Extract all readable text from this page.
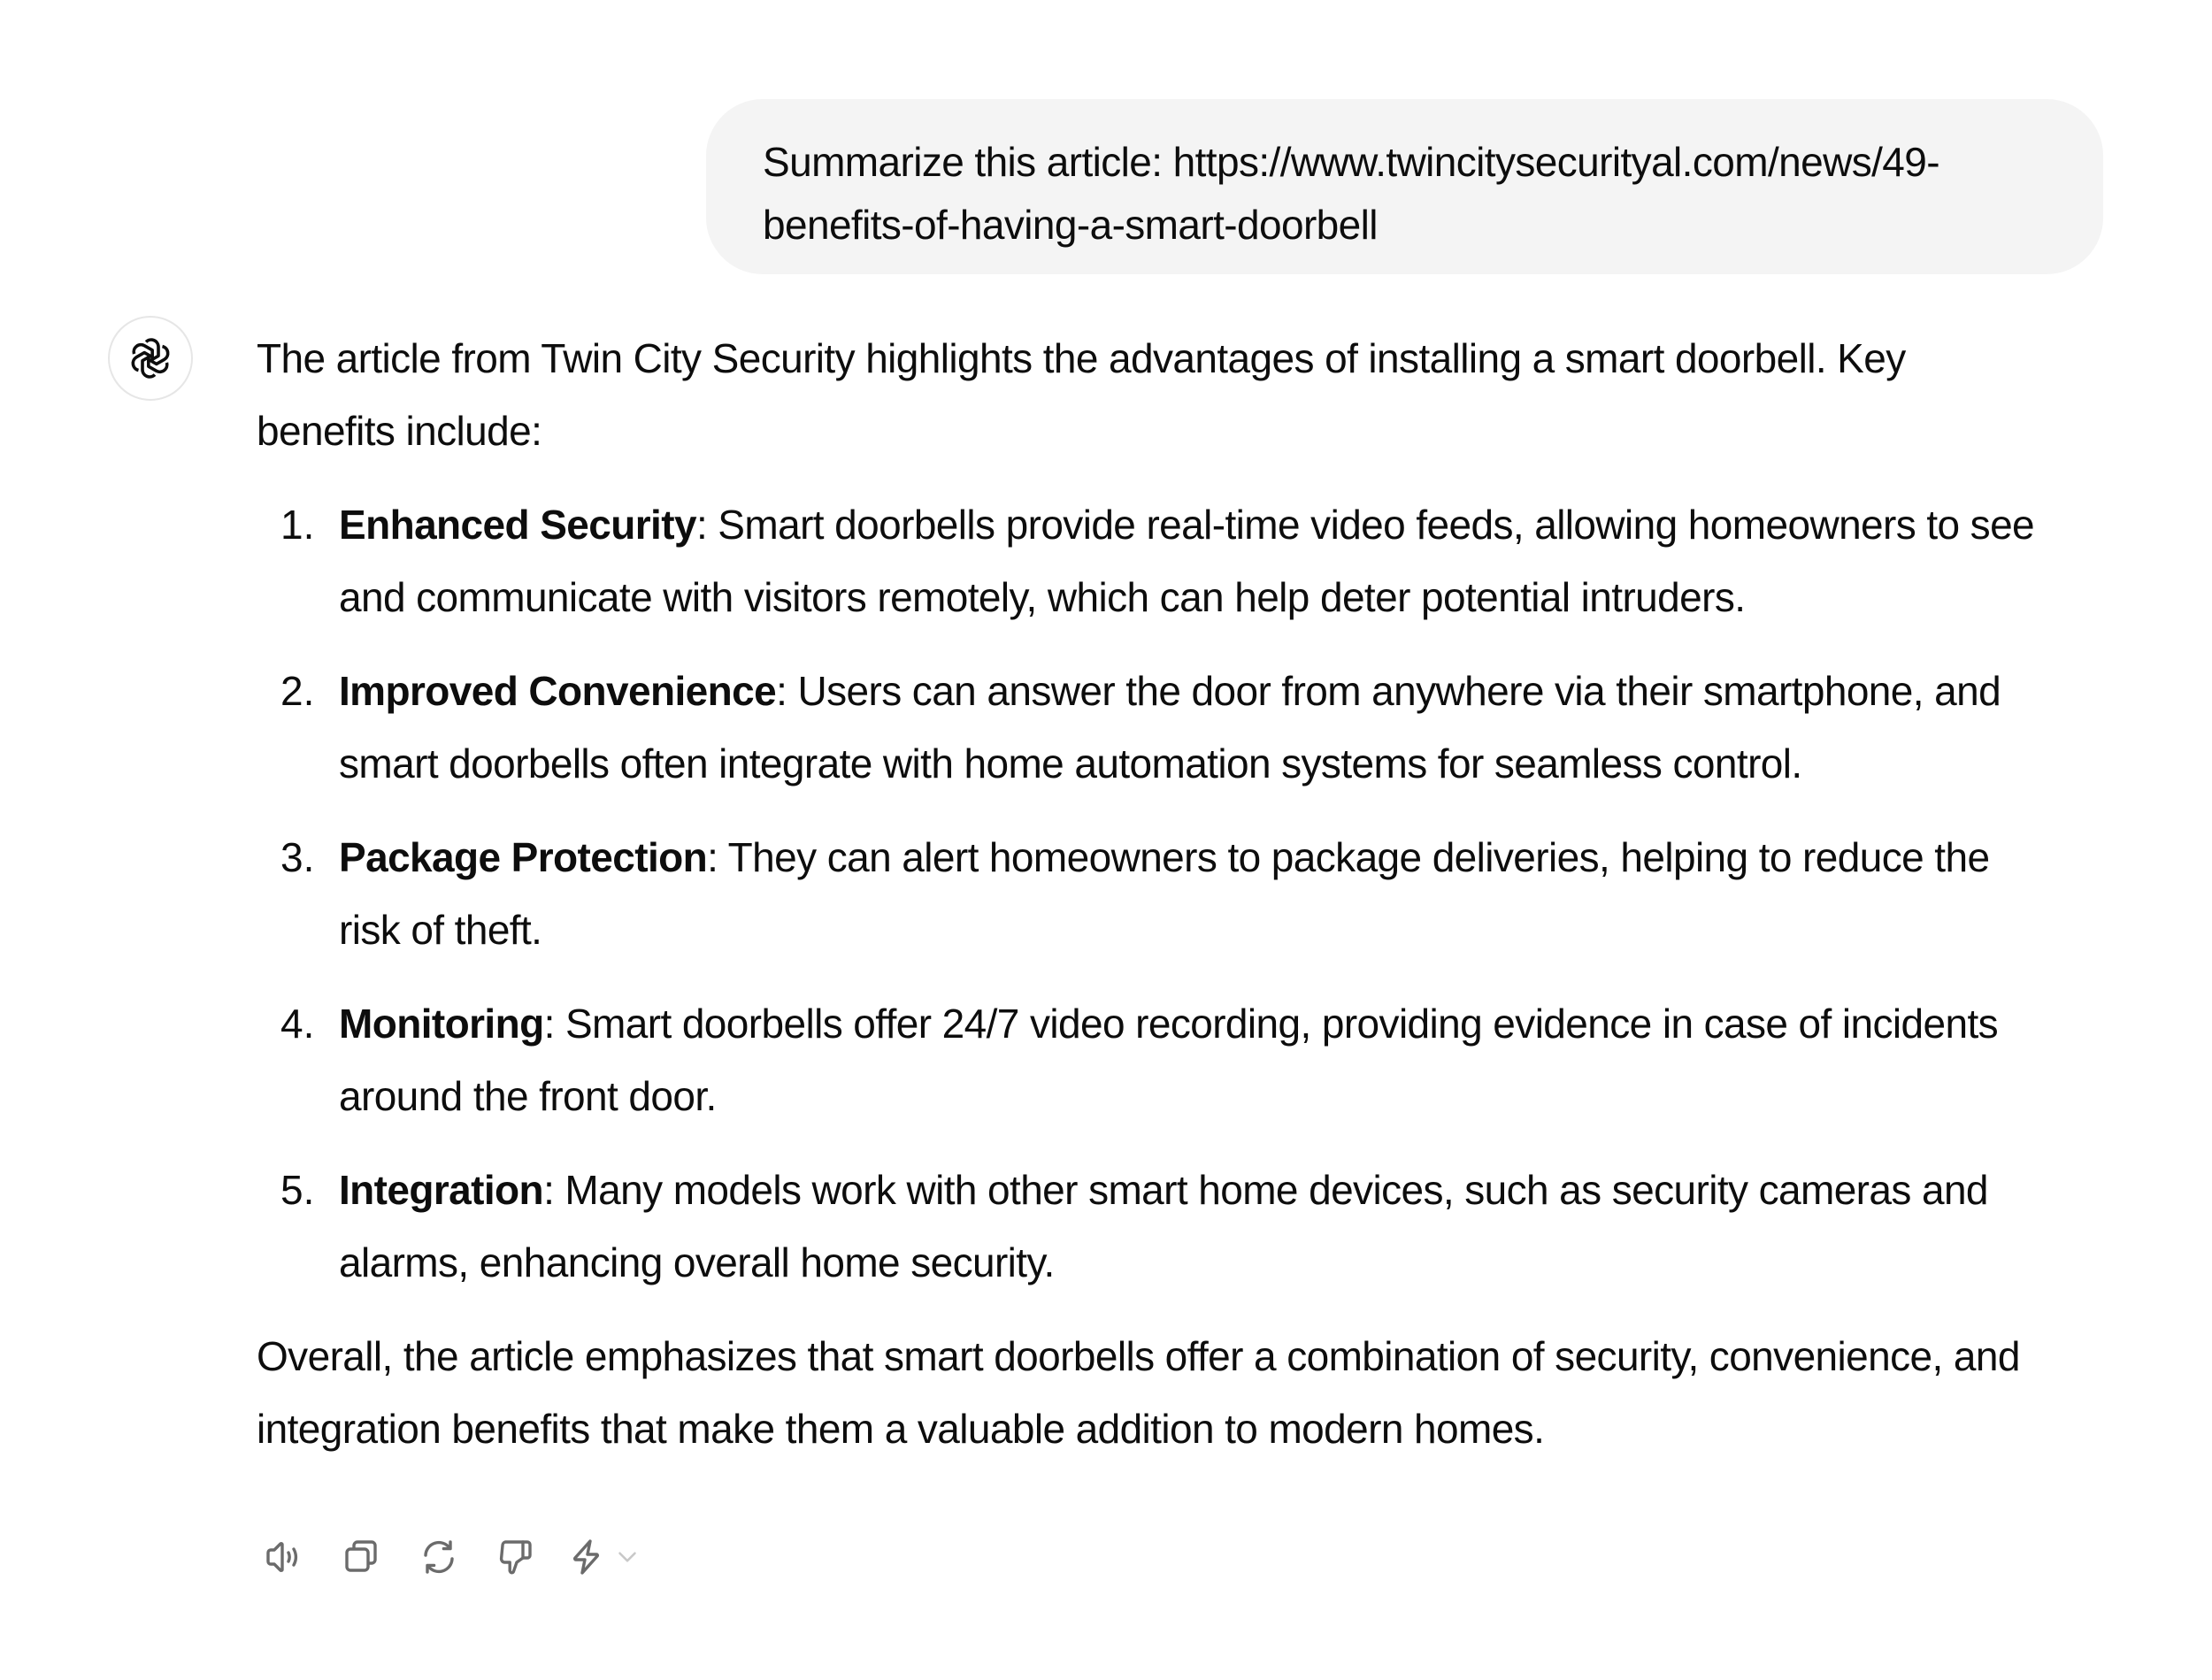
Summarize this article: https://www.twincitysecurityal.com/news/49-
benefits-of-having-a-smart-doorbell

The article from Twin City Security highlights the advantages of installing a smart doorbell. Key
benefits include:

1. Enhanced Security: Smart doorbells provide real-time video feeds, allowing homeowners to see
and communicate with visitors remotely, which can help deter potential intruders.
2. Improved Convenience: Users can answer the door from anywhere via their smartphone, and
smart doorbells often integrate with home automation systems for seamless control.
3. Package Protection: They can alert homeowners to package deliveries, helping to reduce the
risk of theft.
4. Monitoring: Smart doorbells offer 24/7 video recording, providing evidence in case of incidents
around the front door.
5. Integration: Many models work with other smart home devices, such as security cameras and
alarms, enhancing overall home security.

Overall, the article emphasizes that smart doorbells offer a combination of security, convenience, and
integration benefits that make them a valuable addition to modern homes.
